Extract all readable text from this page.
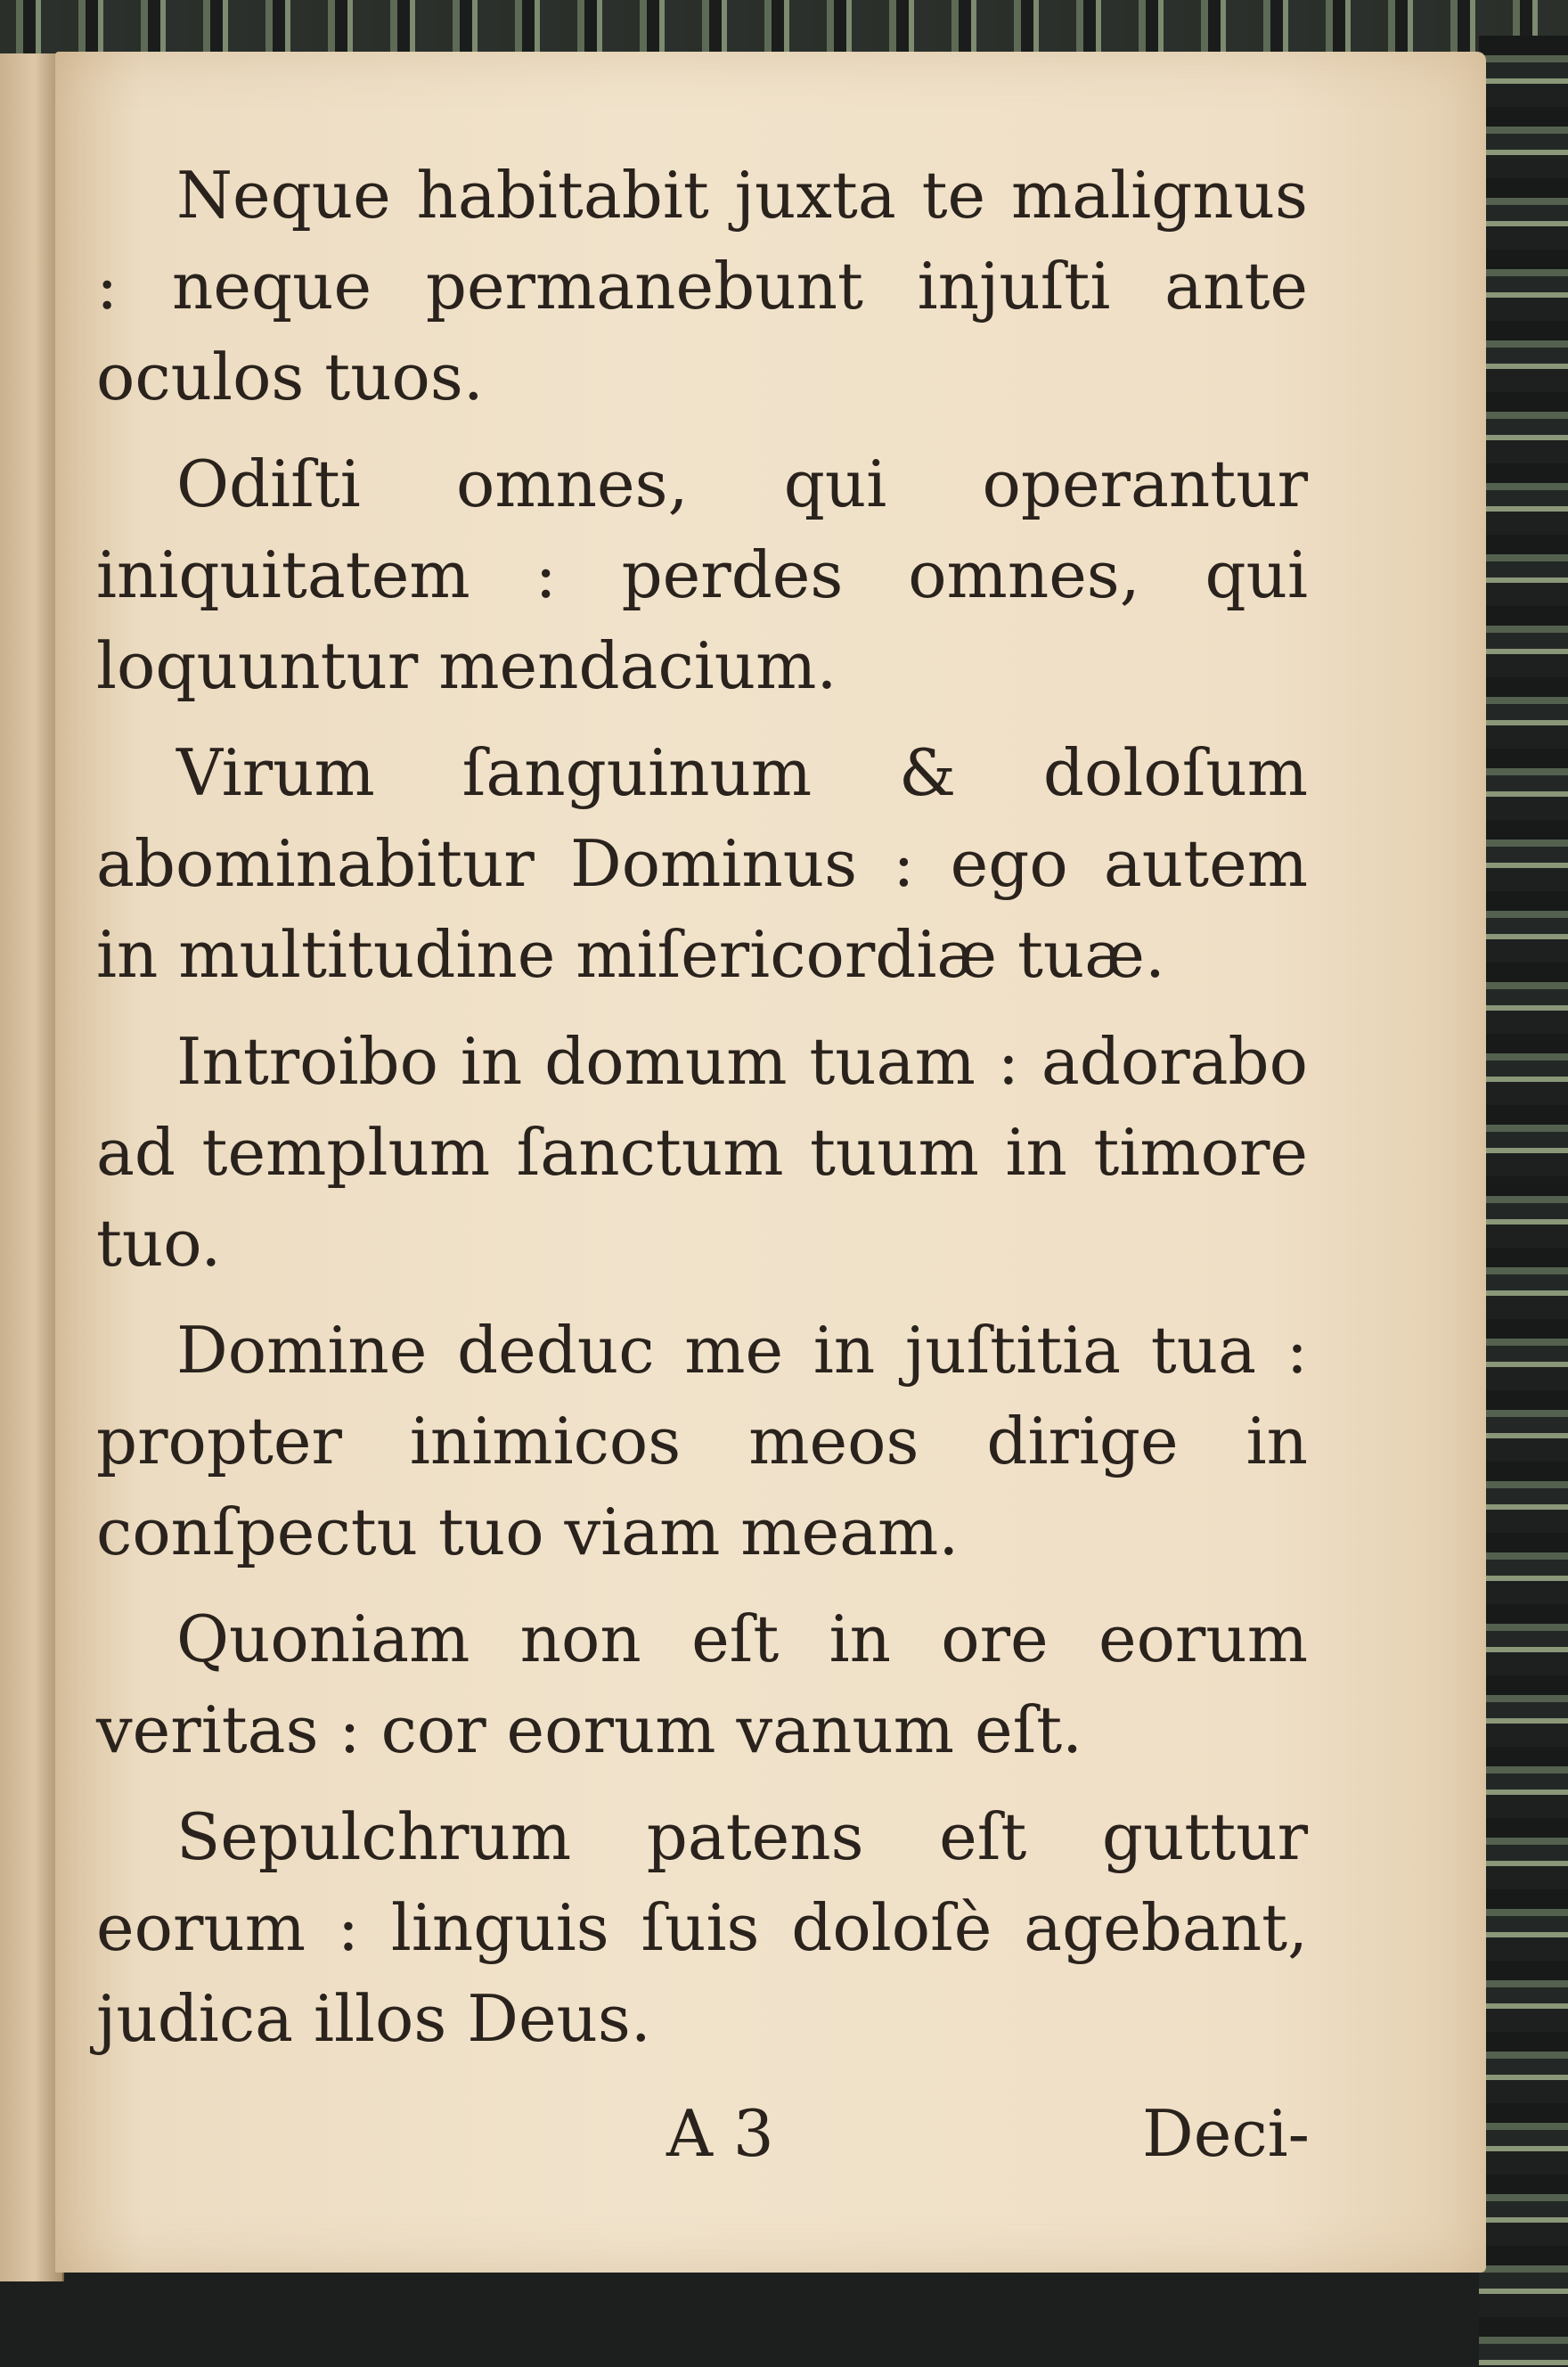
Neque habitabit juxta te malignus : neque permanebunt injuſti ante oculos tuos.

Odiſti omnes, qui operantur iniquitatem : perdes omnes, qui loquuntur mendacium.

Virum ſanguinum & doloſum abominabitur Dominus : ego autem in multitudine miſericordiæ tuæ.

Introibo in domum tuam : adorabo ad templum ſanctum tuum in timore tuo.

Domine deduc me in juſtitia tua : propter inimicos meos dirige in conſpectu tuo viam meam.

Quoniam non eſt in ore eorum veritas : cor eorum vanum eſt.

Sepulchrum patens eſt guttur eorum : linguis ſuis doloſè agebant, judica illos Deus.

A 3	Deci-
